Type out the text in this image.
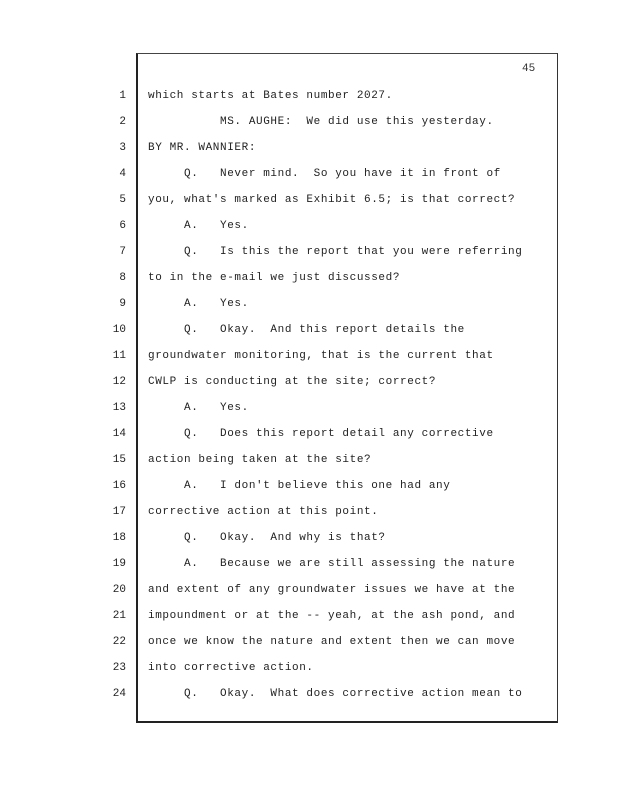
45
1 which starts at Bates number 2027.
2 MS. AUGHE:  We did use this yesterday.
3 BY MR. WANNIER:
4 Q.   Never mind.  So you have it in front of
5 you, what's marked as Exhibit 6.5; is that correct?
6 A.   Yes.
7 Q.   Is this the report that you were referring
8 to in the e-mail we just discussed?
9 A.   Yes.
10 Q.   Okay.  And this report details the
11 groundwater monitoring, that is the current that
12 CWLP is conducting at the site; correct?
13 A.   Yes.
14 Q.   Does this report detail any corrective
15 action being taken at the site?
16 A.   I don't believe this one had any
17 corrective action at this point.
18 Q.   Okay.  And why is that?
19 A.   Because we are still assessing the nature
20 and extent of any groundwater issues we have at the
21 impoundment or at the -- yeah, at the ash pond, and
22 once we know the nature and extent then we can move
23 into corrective action.
24 Q.   Okay.  What does corrective action mean to
